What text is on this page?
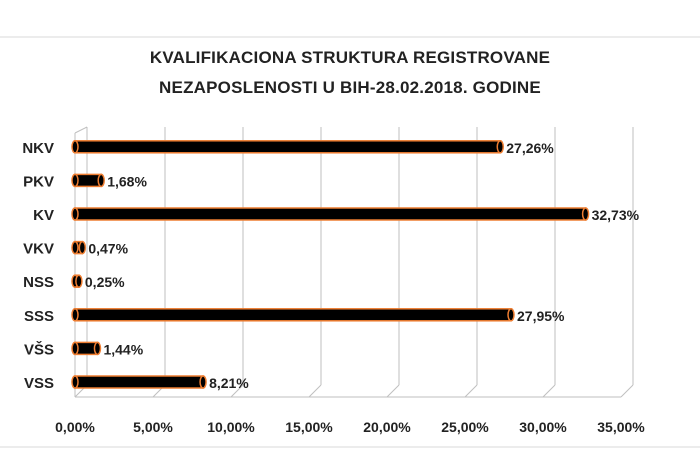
KVALIFIKACIONA STRUKTURA REGISTROVANE
NEZAPOSLENOSTI U BIH-28.02.2018. GODINE
27,26%
1,68%
32,73%
0,47%
0,25%
27,95%
1,44%
8,21%
NKV
PKV
KV
VKV
NSS
SSS
VŠS
VSS
0,00%	5,00% 10,00% 15,00% 20,00% 25,00% 30,00% 35,00%
